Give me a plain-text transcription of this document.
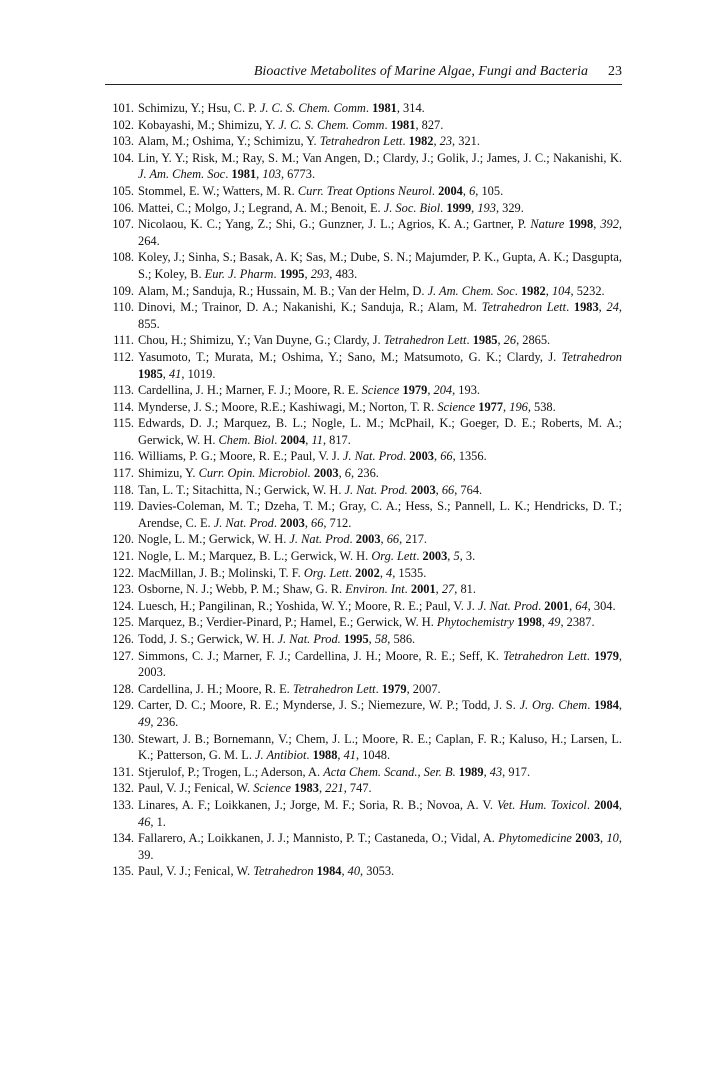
Bioactive Metabolites of Marine Algae, Fungi and Bacteria 23
101. Schimizu, Y.; Hsu, C. P. J. C. S. Chem. Comm. 1981, 314.
102. Kobayashi, M.; Shimizu, Y. J. C. S. Chem. Comm. 1981, 827.
103. Alam, M.; Oshima, Y.; Schimizu, Y. Tetrahedron Lett. 1982, 23, 321.
104. Lin, Y. Y.; Risk, M.; Ray, S. M.; Van Angen, D.; Clardy, J.; Golik, J.; James, J. C.; Nakanishi, K. J. Am. Chem. Soc. 1981, 103, 6773.
105. Stommel, E. W.; Watters, M. R. Curr. Treat Options Neurol. 2004, 6, 105.
106. Mattei, C.; Molgo, J.; Legrand, A. M.; Benoit, E. J. Soc. Biol. 1999, 193, 329.
107. Nicolaou, K. C.; Yang, Z.; Shi, G.; Gunzner, J. L.; Agrios, K. A.; Gartner, P. Nature 1998, 392, 264.
108. Koley, J.; Sinha, S.; Basak, A. K; Sas, M.; Dube, S. N.; Majumder, P. K., Gupta, A. K.; Dasgupta, S.; Koley, B. Eur. J. Pharm. 1995, 293, 483.
109. Alam, M.; Sanduja, R.; Hussain, M. B.; Van der Helm, D. J. Am. Chem. Soc. 1982, 104, 5232.
110. Dinovi, M.; Trainor, D. A.; Nakanishi, K.; Sanduja, R.; Alam, M. Tetrahedron Lett. 1983, 24, 855.
111. Chou, H.; Shimizu, Y.; Van Duyne, G.; Clardy, J. Tetrahedron Lett. 1985, 26, 2865.
112. Yasumoto, T.; Murata, M.; Oshima, Y.; Sano, M.; Matsumoto, G. K.; Clardy, J. Tetrahedron 1985, 41, 1019.
113. Cardellina, J. H.; Marner, F. J.; Moore, R. E. Science 1979, 204, 193.
114. Mynderse, J. S.; Moore, R.E.; Kashiwagi, M.; Norton, T. R. Science 1977, 196, 538.
115. Edwards, D. J.; Marquez, B. L.; Nogle, L. M.; McPhail, K.; Goeger, D. E.; Roberts, M. A.; Gerwick, W. H. Chem. Biol. 2004, 11, 817.
116. Williams, P. G.; Moore, R. E.; Paul, V. J. J. Nat. Prod. 2003, 66, 1356.
117. Shimizu, Y. Curr. Opin. Microbiol. 2003, 6, 236.
118. Tan, L. T.; Sitachitta, N.; Gerwick, W. H. J. Nat. Prod. 2003, 66, 764.
119. Davies-Coleman, M. T.; Dzeha, T. M.; Gray, C. A.; Hess, S.; Pannell, L. K.; Hendricks, D. T.; Arendse, C. E. J. Nat. Prod. 2003, 66, 712.
120. Nogle, L. M.; Gerwick, W. H. J. Nat. Prod. 2003, 66, 217.
121. Nogle, L. M.; Marquez, B. L.; Gerwick, W. H. Org. Lett. 2003, 5, 3.
122. MacMillan, J. B.; Molinski, T. F. Org. Lett. 2002, 4, 1535.
123. Osborne, N. J.; Webb, P. M.; Shaw, G. R. Environ. Int. 2001, 27, 81.
124. Luesch, H.; Pangilinan, R.; Yoshida, W. Y.; Moore, R. E.; Paul, V. J. J. Nat. Prod. 2001, 64, 304.
125. Marquez, B.; Verdier-Pinard, P.; Hamel, E.; Gerwick, W. H. Phytochemistry 1998, 49, 2387.
126. Todd, J. S.; Gerwick, W. H. J. Nat. Prod. 1995, 58, 586.
127. Simmons, C. J.; Marner, F. J.; Cardellina, J. H.; Moore, R. E.; Seff, K. Tetrahedron Lett. 1979, 2003.
128. Cardellina, J. H.; Moore, R. E. Tetrahedron Lett. 1979, 2007.
129. Carter, D. C.; Moore, R. E.; Mynderse, J. S.; Niemezure, W. P.; Todd, J. S. J. Org. Chem. 1984, 49, 236.
130. Stewart, J. B.; Bornemann, V.; Chem, J. L.; Moore, R. E.; Caplan, F. R.; Kaluso, H.; Larsen, L. K.; Patterson, G. M. L. J. Antibiot. 1988, 41, 1048.
131. Stjerulof, P.; Trogen, L.; Aderson, A. Acta Chem. Scand., Ser. B. 1989, 43, 917.
132. Paul, V. J.; Fenical, W. Science 1983, 221, 747.
133. Linares, A. F.; Loikkanen, J.; Jorge, M. F.; Soria, R. B.; Novoa, A. V. Vet. Hum. Toxicol. 2004, 46, 1.
134. Fallarero, A.; Loikkanen, J. J.; Mannisto, P. T.; Castaneda, O.; Vidal, A. Phytomedicine 2003, 10, 39.
135. Paul, V. J.; Fenical, W. Tetrahedron 1984, 40, 3053.
